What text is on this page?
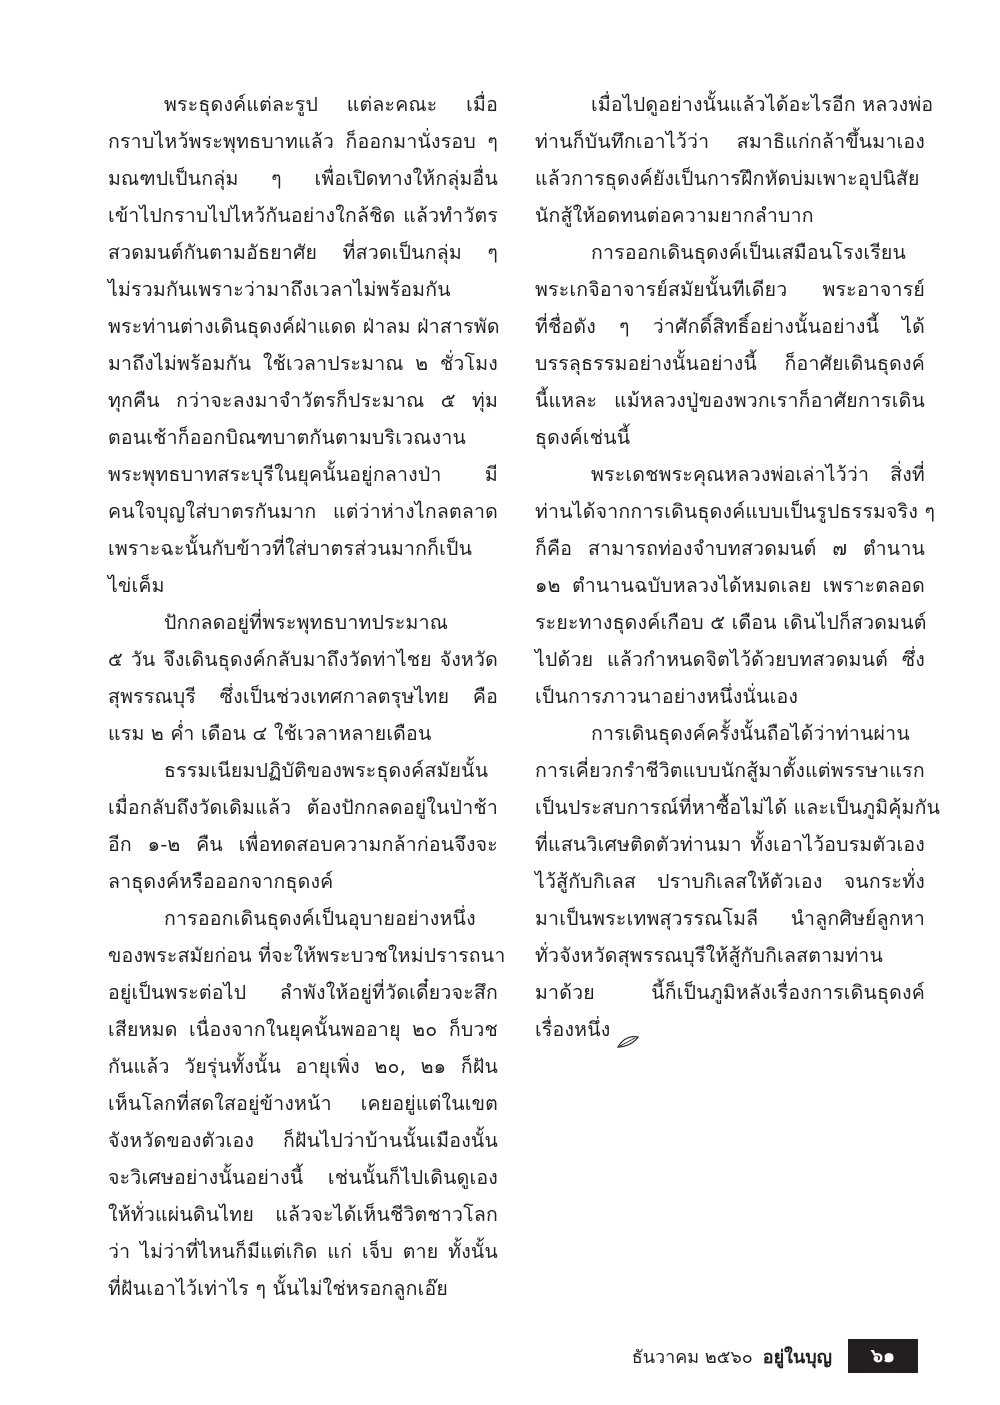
พระธุดงค์แต่ละรูป แต่ละคณะ เมื่อ
กราบไหว้พระพุทธบาทแล้ว ก็ออกมานั่งรอบ ๆ
มณฑปเป็นกลุ่ม ๆ เพื่อเปิดทางให้กลุ่มอื่น
เข้าไปกราบไปไหว้กันอย่างใกล้ชิด แล้วทำวัตร
สวดมนต์กันตามอัธยาศัย ที่สวดเป็นกลุ่ม ๆ
ไม่รวมกันเพราะว่ามาถึงเวลาไม่พร้อมกัน
พระท่านต่างเดินธุดงค์ฝ่าแดด ฝ่าลม ฝ่าสารพัด
มาถึงไม่พร้อมกัน ใช้เวลาประมาณ ๒ ชั่วโมง
ทุกคืน กว่าจะลงมาจำวัตรก็ประมาณ ๕ ทุ่ม
ตอนเช้าก็ออกบิณฑบาตกันตามบริเวณงาน
พระพุทธบาทสระบุรีในยุคนั้นอยู่กลางป่า มี
คนใจบุญใส่บาตรกันมาก แต่ว่าห่างไกลตลาด
เพราะฉะนั้นกับข้าวที่ใส่บาตรส่วนมากก็เป็น
ไข่เค็ม

ปักกลดอยู่ที่พระพุทธบาทประมาณ
๕ วัน จึงเดินธุดงค์กลับมาถึงวัดท่าไชย จังหวัด
สุพรรณบุรี ซึ่งเป็นช่วงเทศกาลตรุษไทย คือ
แรม ๒ ค่ำ เดือน ๔ ใช้เวลาหลายเดือน

ธรรมเนียมปฏิบัติของพระธุดงค์สมัยนั้น
เมื่อกลับถึงวัดเดิมแล้ว ต้องปักกลดอยู่ในป่าช้า
อีก ๑-๒ คืน เพื่อทดสอบความกล้าก่อนจึงจะ
ลาธุดงค์หรือออกจากธุดงค์

การออกเดินธุดงค์เป็นอุบายอย่างหนึ่ง
ของพระสมัยก่อน ที่จะให้พระบวชใหม่ปรารถนา
อยู่เป็นพระต่อไป ลำพังให้อยู่ที่วัดเดี๋ยวจะสึก
เสียหมด เนื่องจากในยุคนั้นพออายุ ๒๐ ก็บวช
กันแล้ว วัยรุ่นทั้งนั้น อายุเพิ่ง ๒๐, ๒๑ ก็ฝัน
เห็นโลกที่สดใสอยู่ข้างหน้า เคยอยู่แต่ในเขต
จังหวัดของตัวเอง ก็ฝันไปว่าบ้านนั้นเมืองนั้น
จะวิเศษอย่างนั้นอย่างนี้ เช่นนั้นก็ไปเดินดูเอง
ให้ทั่วแผ่นดินไทย แล้วจะได้เห็นชีวิตชาวโลก
ว่า ไม่ว่าที่ไหนก็มีแต่เกิด แก่ เจ็บ ตาย ทั้งนั้น
ที่ฝันเอาไว้เท่าไร ๆ นั้นไม่ใช่หรอกลูกเอ๊ย

เมื่อไปดูอย่างนั้นแล้วได้อะไรอีก หลวงพ่อ
ท่านก็บันทึกเอาไว้ว่า สมาธิแก่กล้าขึ้นมาเอง
แล้วการธุดงค์ยังเป็นการฝึกหัดบ่มเพาะอุปนิสัย
นักสู้ให้อดทนต่อความยากลำบาก

การออกเดินธุดงค์เป็นเสมือนโรงเรียน
พระเกจิอาจารย์สมัยนั้นทีเดียว พระอาจารย์
ที่ชื่อดัง ๆ ว่าศักดิ์สิทธิ์อย่างนั้นอย่างนี้ ได้
บรรลุธรรมอย่างนั้นอย่างนี้ ก็อาศัยเดินธุดงค์
นี้แหละ แม้หลวงปู่ของพวกเราก็อาศัยการเดิน
ธุดงค์เช่นนี้

พระเดชพระคุณหลวงพ่อเล่าไว้ว่า สิ่งที่
ท่านได้จากการเดินธุดงค์แบบเป็นรูปธรรมจริง ๆ
ก็คือ สามารถท่องจำบทสวดมนต์ ๗ ตำนาน
๑๒ ตำนานฉบับหลวงได้หมดเลย เพราะตลอด
ระยะทางธุดงค์เกือบ ๕ เดือน เดินไปก็สวดมนต์
ไปด้วย แล้วกำหนดจิตไว้ด้วยบทสวดมนต์ ซึ่ง
เป็นการภาวนาอย่างหนึ่งนั่นเอง

การเดินธุดงค์ครั้งนั้นถือได้ว่าท่านผ่าน
การเคี่ยวกรำชีวิตแบบนักสู้มาตั้งแต่พรรษาแรก
เป็นประสบการณ์ที่หาซื้อไม่ได้ และเป็นภูมิคุ้มกัน
ที่แสนวิเศษติดตัวท่านมา ทั้งเอาไว้อบรมตัวเอง
ไว้สู้กับกิเลส ปราบกิเลสให้ตัวเอง จนกระทั่ง
มาเป็นพระเทพสุวรรณโมลี นำลูกศิษย์ลูกหา
ทั่วจังหวัดสุพรรณบุรีให้สู้กับกิเลสตามท่าน
มาด้วย นี้ก็เป็นภูมิหลังเรื่องการเดินธุดงค์
เรื่องหนึ่ง

ธันวาคม ๒๕๖๐ อยู่ในบุญ	๖๑
